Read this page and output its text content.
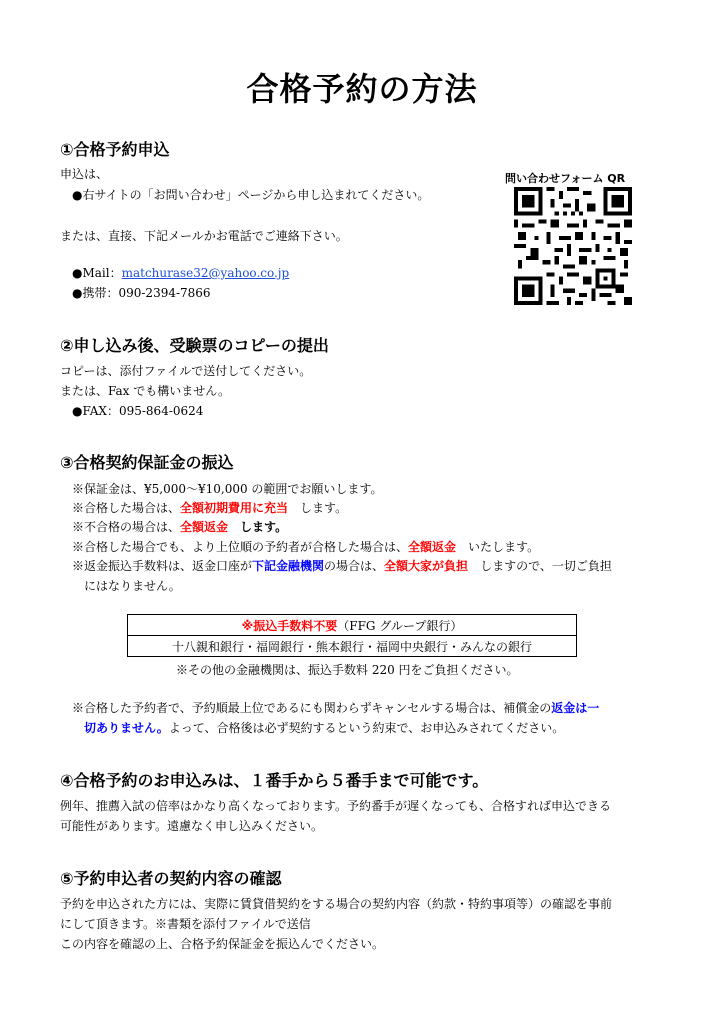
合格予約の方法
①合格予約申込
申込は、
●右サイトの「お問い合わせ」ページから申し込まれてください。
または、直接、下記メールかお電話でご連絡下さい。
●Mail：matchurase32@yahoo.co.jp
●携帯：090-2394-7866
問い合わせフォーム QR
②申し込み後、受験票のコピーの提出
コピーは、添付ファイルで送付してください。
または、Fax でも構いません。
●FAX：095-864-0624
③合格契約保証金の振込
※保証金は、¥5,000～¥10,000 の範囲でお願いします。
※合格した場合は、全額初期費用に充当　します。
※不合格の場合は、全額返金　します。
※合格した場合でも、より上位順の予約者が合格した場合は、全額返金　いたします。
※返金振込手数料は、返金口座が下記金融機関の場合は、全額大家が負担　しますので、一切ご負担
にはなりません。
※振込手数料不要（FFG グループ銀行）
十八親和銀行・福岡銀行・熊本銀行・福岡中央銀行・みんなの銀行
※その他の金融機関は、振込手数料 220 円をご負担ください。
※合格した予約者で、予約順最上位であるにも関わらずキャンセルする場合は、補償金の返金は一
切ありません。よって、合格後は必ず契約するという約束で、お申込みされてください。
④合格予約のお申込みは、１番手から５番手まで可能です。
例年、推薦入試の倍率はかなり高くなっております。予約番手が遅くなっても、合格すれば申込できる
可能性があります。遠慮なく申し込みください。
⑤予約申込者の契約内容の確認
予約を申込された方には、実際に賃貸借契約をする場合の契約内容（約款・特約事項等）の確認を事前
にして頂きます。※書類を添付ファイルで送信
この内容を確認の上、合格予約保証金を振込んでください。
